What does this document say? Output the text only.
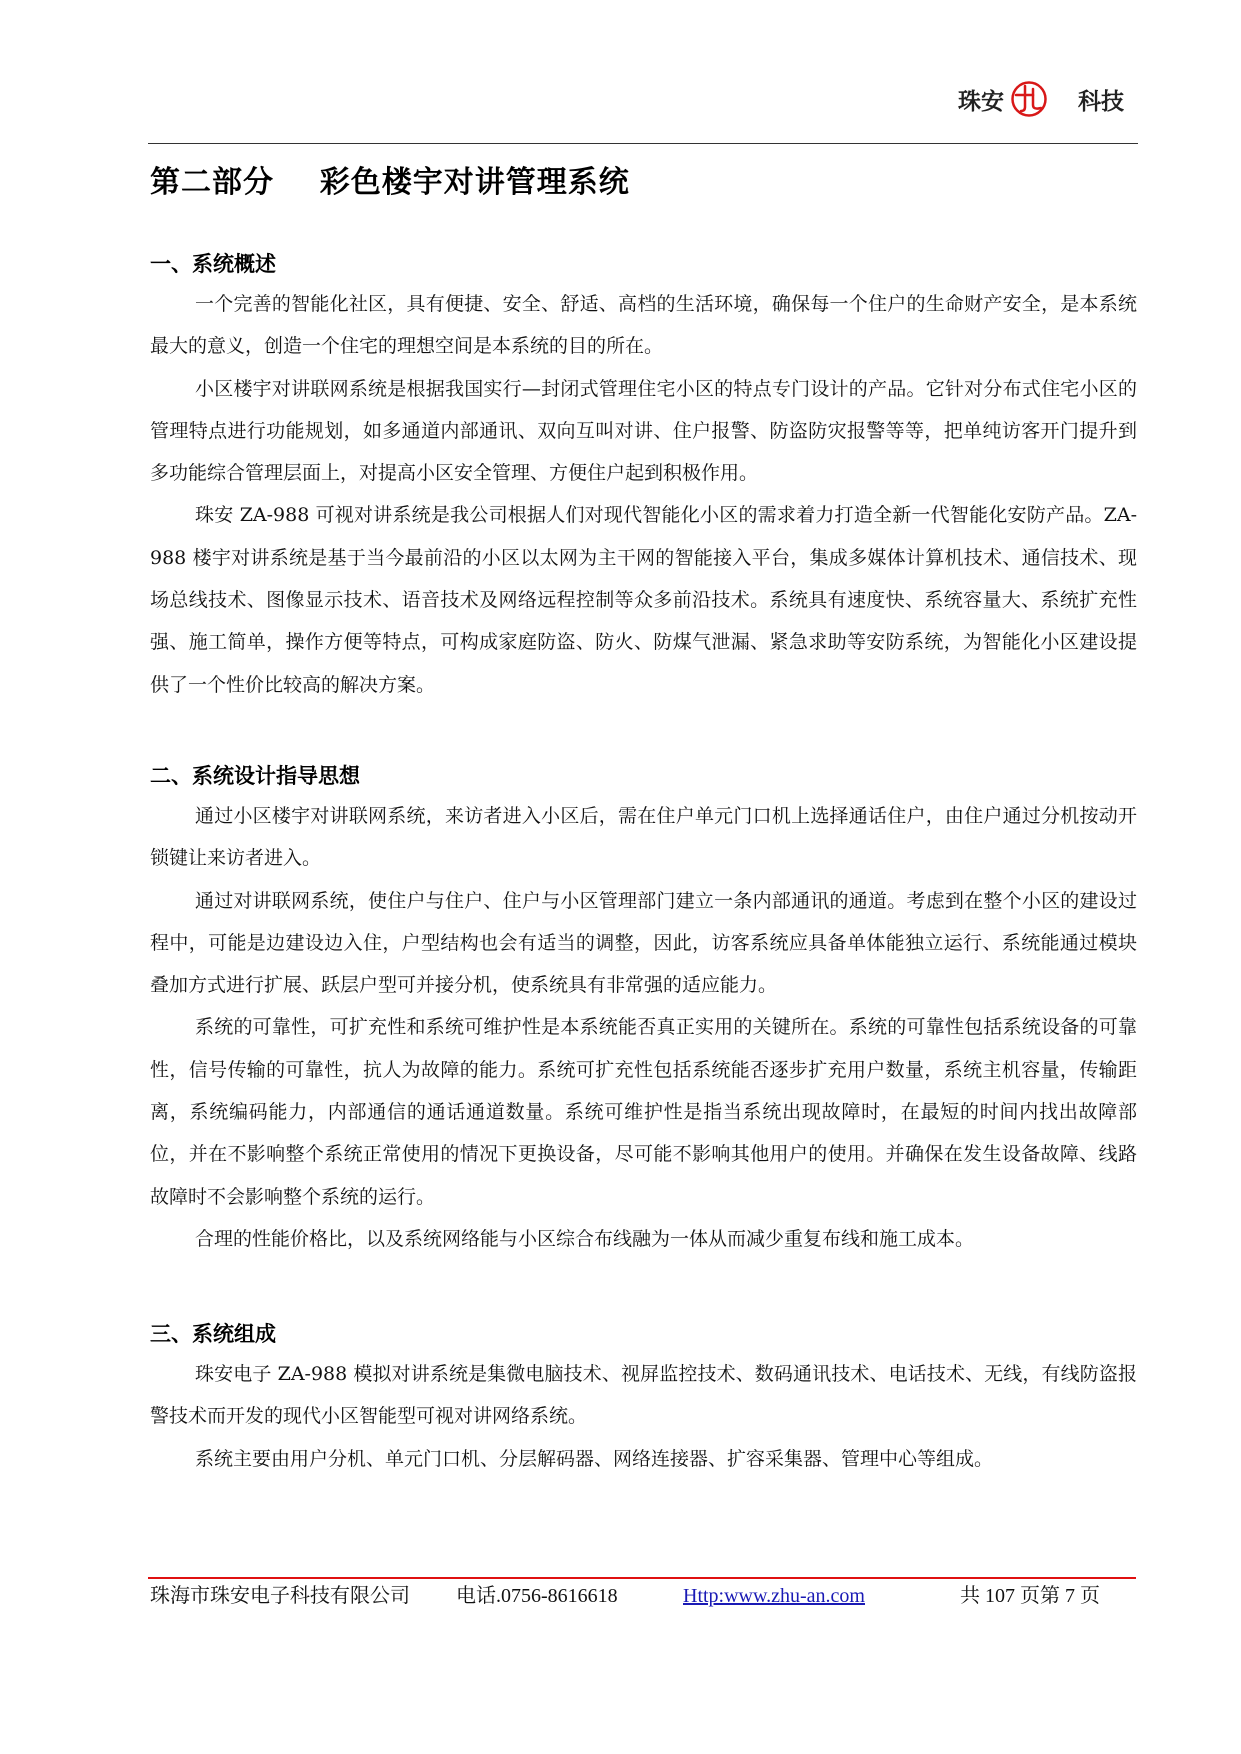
珠安	科技
第二部分    彩色楼宇对讲管理系统
一、系统概述

一个完善的智能化社区，具有便捷、安全、舒适、高档的生活环境，确保每一个住户的生命财产安全，是本系统最大的意义，创造一个住宅的理想空间是本系统的目的所在。

小区楼宇对讲联网系统是根据我国实行—封闭式管理住宅小区的特点专门设计的产品。它针对分布式住宅小区的管理特点进行功能规划，如多通道内部通讯、双向互叫对讲、住户报警、防盗防灾报警等等，把单纯访客开门提升到多功能综合管理层面上，对提高小区安全管理、方便住户起到积极作用。

珠安 ZA-988 可视对讲系统是我公司根据人们对现代智能化小区的需求着力打造全新一代智能化安防产品。ZA-988 楼宇对讲系统是基于当今最前沿的小区以太网为主干网的智能接入平台，集成多媒体计算机技术、通信技术、现场总线技术、图像显示技术、语音技术及网络远程控制等众多前沿技术。系统具有速度快、系统容量大、系统扩充性强、施工简单，操作方便等特点，可构成家庭防盗、防火、防煤气泄漏、紧急求助等安防系统，为智能化小区建设提供了一个性价比较高的解决方案。

二、系统设计指导思想

通过小区楼宇对讲联网系统，来访者进入小区后，需在住户单元门口机上选择通话住户，由住户通过分机按动开锁键让来访者进入。

通过对讲联网系统，使住户与住户、住户与小区管理部门建立一条内部通讯的通道。考虑到在整个小区的建设过程中，可能是边建设边入住，户型结构也会有适当的调整，因此，访客系统应具备单体能独立运行、系统能通过模块叠加方式进行扩展、跃层户型可并接分机，使系统具有非常强的适应能力。

系统的可靠性，可扩充性和系统可维护性是本系统能否真正实用的关键所在。系统的可靠性包括系统设备的可靠性，信号传输的可靠性，抗人为故障的能力。系统可扩充性包括系统能否逐步扩充用户数量，系统主机容量，传输距离，系统编码能力，内部通信的通话通道数量。系统可维护性是指当系统出现故障时，在最短的时间内找出故障部位，并在不影响整个系统正常使用的情况下更换设备，尽可能不影响其他用户的使用。并确保在发生设备故障、线路故障时不会影响整个系统的运行。

合理的性能价格比，以及系统网络能与小区综合布线融为一体从而减少重复布线和施工成本。

三、系统组成

珠安电子 ZA-988 模拟对讲系统是集微电脑技术、视屏监控技术、数码通讯技术、电话技术、无线，有线防盗报警技术而开发的现代小区智能型可视对讲网络系统。

系统主要由用户分机、单元门口机、分层解码器、网络连接器、扩容采集器、管理中心等组成。

珠海市珠安电子科技有限公司 电话.0756-8616618	Http:www.zhu-an.com	共 107 页第 7 页
